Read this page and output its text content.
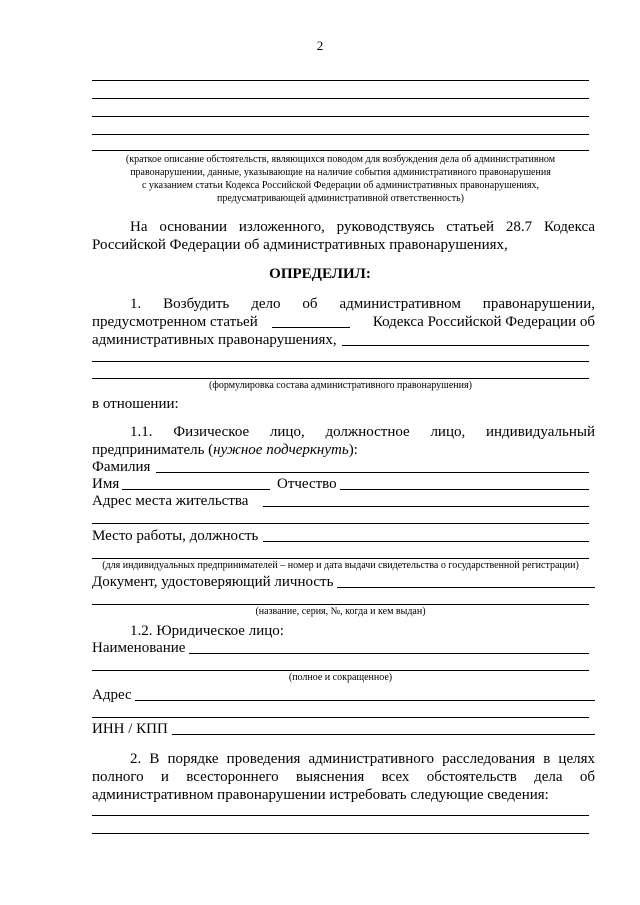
2
(краткое описание обстоятельств, являющихся поводом для возбуждения дела об административном
правонарушении, данные, указывающие на наличие события административного правонарушения
с указанием статьи Кодекса Российской Федерации об административных правонарушениях,
предусматривающей административной ответственность)
На основании изложенного, руководствуясь статьей 28.7 Кодекса
Российской Федерации об административных правонарушениях,
ОПРЕДЕЛИЛ:
1. Возбудить дело об административном правонарушении,
предусмотренном статьей	Кодекса Российской Федерации об
административных правонарушениях,
(формулировка состава административного правонарушения)
в отношении:
1.1. Физическое лицо, должностное лицо, индивидуальный
предприниматель (нужное подчеркнуть):
Фамилия
Имя	Отчество
Адрес места жительства
Место работы, должность
(для индивидуальных предпринимателей – номер и дата выдачи свидетельства о государственной регистрации)
Документ, удостоверяющий личность
(название, серия, №, когда и кем выдан)
1.2. Юридическое лицо:
Наименование
(полное и сокращенное)
Адрес
ИНН / КПП
2. В порядке проведения административного расследования в целях
полного и всестороннего выяснения всех обстоятельств дела об
административном правонарушении истребовать следующие сведения:
